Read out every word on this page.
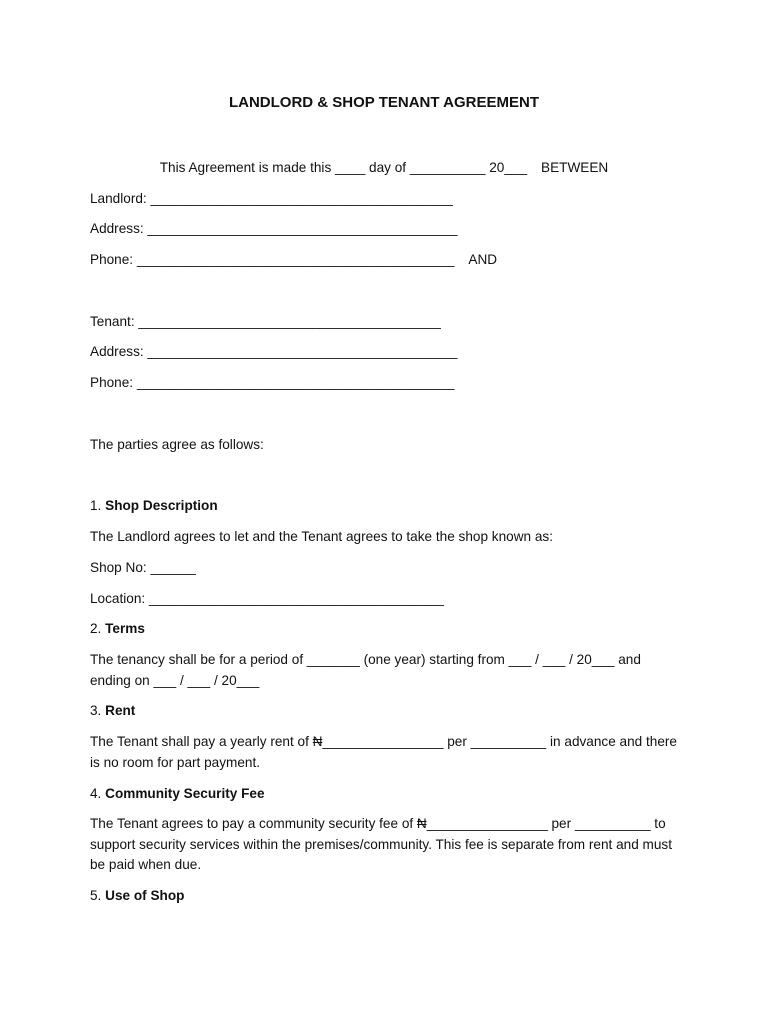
LANDLORD & SHOP TENANT AGREEMENT
This Agreement is made this ____ day of __________ 20___ BETWEEN
Landlord: ________________________________________
Address: _________________________________________
Phone: __________________________________________ AND
Tenant: ________________________________________
Address: _________________________________________
Phone: __________________________________________
The parties agree as follows:
1. Shop Description
The Landlord agrees to let and the Tenant agrees to take the shop known as:
Shop No: ______
Location: _______________________________________
2. Terms
The tenancy shall be for a period of _______ (one year) starting from ___ / ___ / 20___ and ending on ___ / ___ / 20___
3. Rent
The Tenant shall pay a yearly rent of ₦________________ per __________ in advance and there is no room for part payment.
4. Community Security Fee
The Tenant agrees to pay a community security fee of ₦________________ per __________ to support security services within the premises/community. This fee is separate from rent and must be paid when due.
5. Use of Shop
